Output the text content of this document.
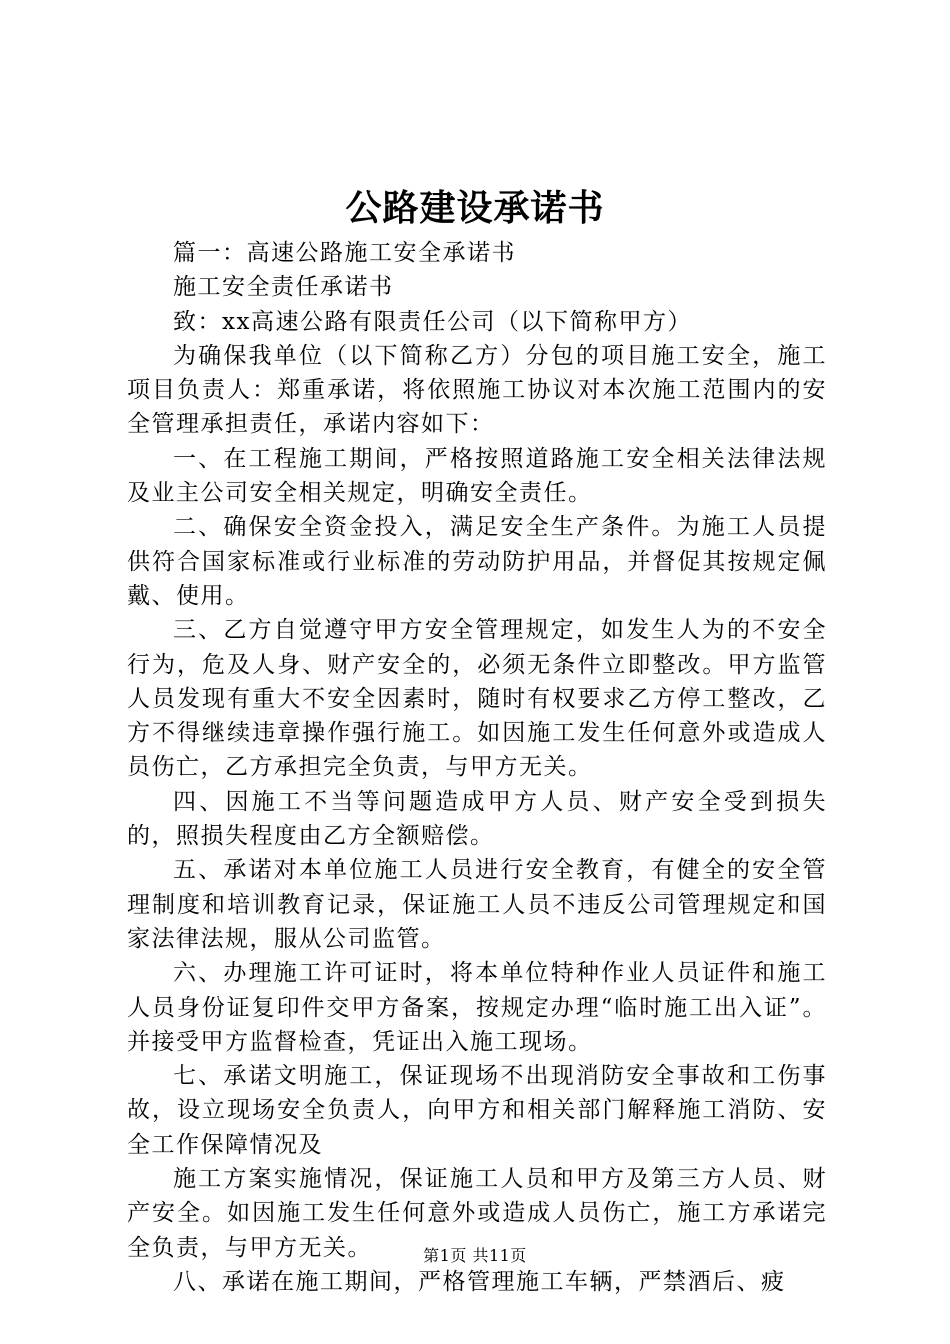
公路建设承诺书

篇一：高速公路施工安全承诺书

施工安全责任承诺书

致：xx高速公路有限责任公司（以下简称甲方）

为确保我单位（以下简称乙方）分包的项目施工安全，施工项目负责人：郑重承诺，将依照施工协议对本次施工范围内的安全管理承担责任，承诺内容如下：

一、在工程施工期间，严格按照道路施工安全相关法律法规及业主公司安全相关规定，明确安全责任。

二、确保安全资金投入，满足安全生产条件。为施工人员提供符合国家标准或行业标准的劳动防护用品，并督促其按规定佩戴、使用。

三、乙方自觉遵守甲方安全管理规定，如发生人为的不安全行为，危及人身、财产安全的，必须无条件立即整改。甲方监管人员发现有重大不安全因素时，随时有权要求乙方停工整改，乙方不得继续违章操作强行施工。如因施工发生任何意外或造成人员伤亡，乙方承担完全负责，与甲方无关。

四、因施工不当等问题造成甲方人员、财产安全受到损失的，照损失程度由乙方全额赔偿。

五、承诺对本单位施工人员进行安全教育，有健全的安全管理制度和培训教育记录，保证施工人员不违反公司管理规定和国家法律法规，服从公司监管。

六、办理施工许可证时，将本单位特种作业人员证件和施工人员身份证复印件交甲方备案，按规定办理“临时施工出入证”。并接受甲方监督检查，凭证出入施工现场。

七、承诺文明施工，保证现场不出现消防安全事故和工伤事故，设立现场安全负责人，向甲方和相关部门解释施工消防、安全工作保障情况及

施工方案实施情况，保证施工人员和甲方及第三方人员、财产安全。如因施工发生任何意外或造成人员伤亡，施工方承诺完全负责，与甲方无关。

八、承诺在施工期间，严格管理施工车辆，严禁酒后、疲

第1页 共11页
